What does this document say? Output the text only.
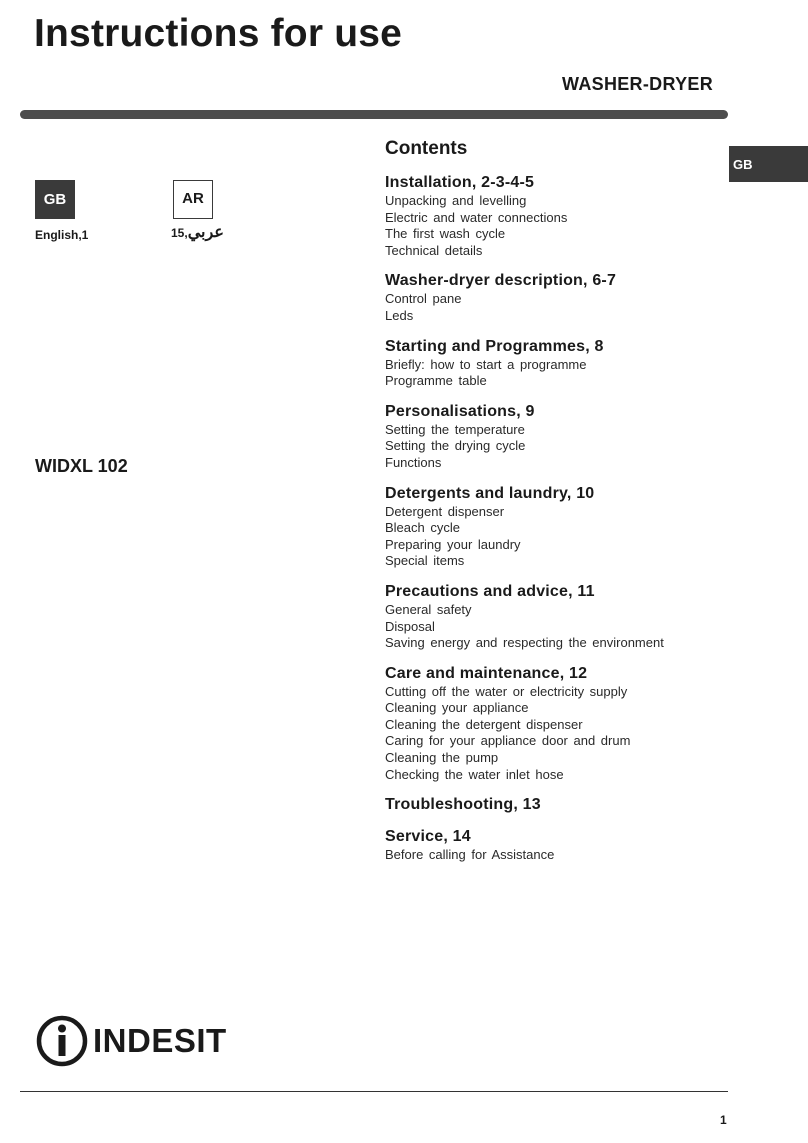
Instructions for use
WASHER-DRYER
GB
GB	AR
English,1	عربي,15
WIDXL 102
Contents
Installation, 2-3-4-5
Unpacking and levelling
Electric and water connections
The first wash cycle
Technical details
Washer-dryer description, 6-7
Control pane
Leds
Starting and Programmes, 8
Briefly: how to start a programme
Programme table
Personalisations, 9
Setting the temperature
Setting the drying cycle
Functions
Detergents and laundry, 10
Detergent dispenser
Bleach cycle
Preparing your laundry
Special items
Precautions and advice, 11
General safety
Disposal
Saving energy and respecting the environment
Care and maintenance, 12
Cutting off the water or electricity supply
Cleaning your appliance
Cleaning the detergent dispenser
Caring for your appliance door and drum
Cleaning the pump
Checking the water inlet hose
Troubleshooting, 13
Service, 14
Before calling for Assistance
INDESIT
1
